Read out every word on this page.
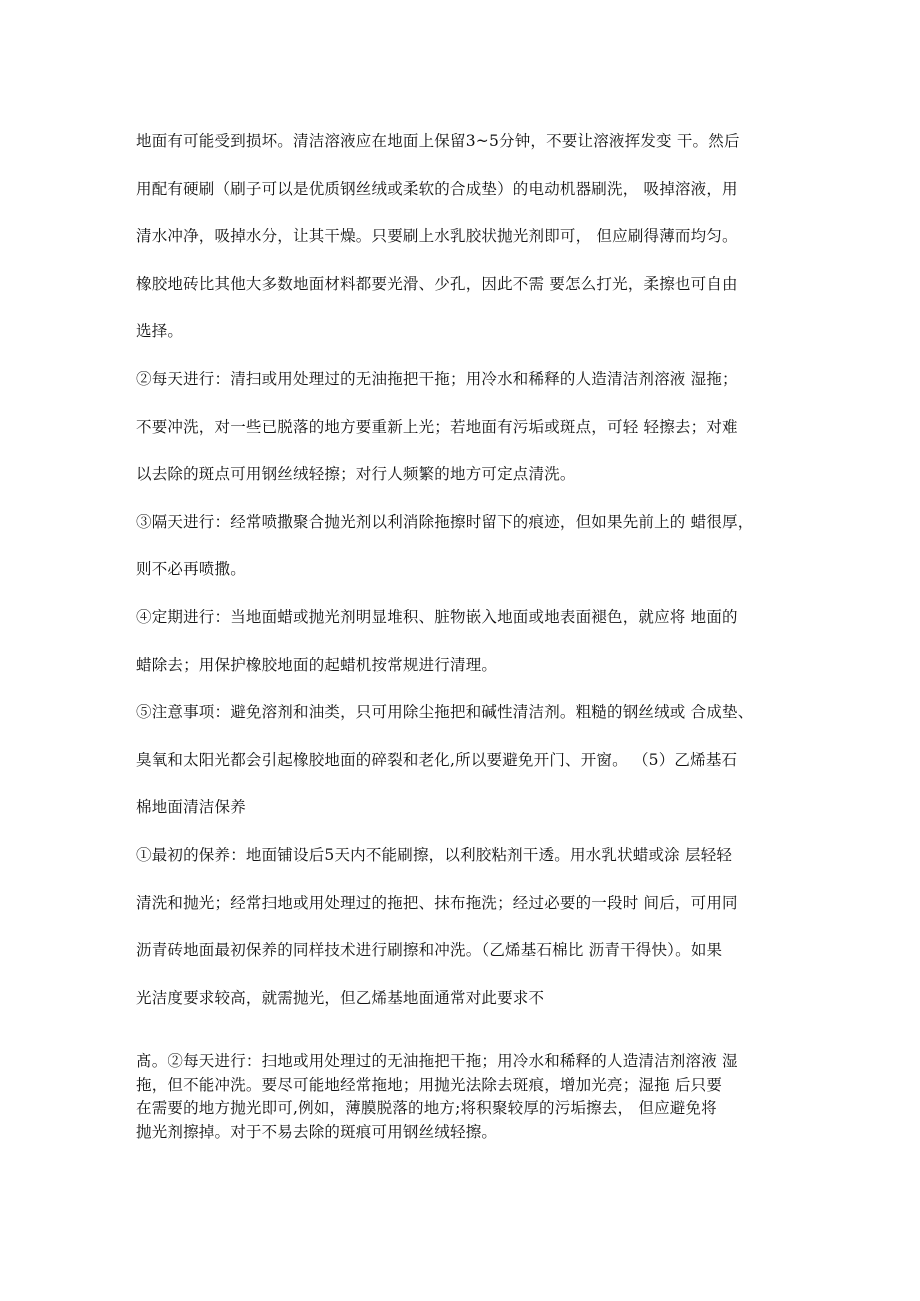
地面有可能受到损坏。清洁溶液应在地面上保留3~5分钟，不要让溶液挥发变 干。然后
用配有硬刷（刷子可以是优质钢丝绒或柔软的合成垫）的电动机器刷洗， 吸掉溶液，用
清水冲净，吸掉水分，让其干燥。只要刷上水乳胶状抛光剂即可， 但应刷得薄而均匀。
橡胶地砖比其他大多数地面材料都要光滑、少孔，因此不需 要怎么打光，柔擦也可自由
选择。
②每天进行：清扫或用处理过的无油拖把干拖；用冷水和稀释的人造清洁剂溶液 湿拖；
不要冲洗，对一些已脱落的地方要重新上光；若地面有污垢或斑点，可轻 轻擦去；对难
以去除的斑点可用钢丝绒轻擦；对行人频繁的地方可定点清洗。
③隔天进行：经常喷撒聚合抛光剂以利消除拖擦时留下的痕迹，但如果先前上的 蜡很厚，
则不必再喷撒。
④定期进行：当地面蜡或抛光剂明显堆积、脏物嵌入地面或地表面褪色，就应将 地面的
蜡除去；用保护橡胶地面的起蜡机按常规进行清理。
⑤注意事项：避免溶剂和油类，只可用除尘拖把和碱性清洁剂。粗糙的钢丝绒或 合成垫、
臭氧和太阳光都会引起橡胶地面的碎裂和老化,所以要避免开门、开窗。 （5）乙烯基石
棉地面清洁保养
①最初的保养：地面铺设后5天内不能刷擦，以利胶粘剂干透。用水乳状蜡或涂 层轻轻
清洗和抛光；经常扫地或用处理过的拖把、抹布拖洗；经过必要的一段时 间后，可用同
沥青砖地面最初保养的同样技术进行刷擦和冲洗。（乙烯基石棉比 沥青干得快）。如果
光洁度要求较高，就需抛光，但乙烯基地面通常对此要求不
髙。②每天进行：扫地或用处理过的无油拖把干拖；用冷水和稀释的人造清洁剂溶液 湿
拖，但不能冲洗。要尽可能地经常拖地；用抛光法除去斑痕，增加光亮；湿拖 后只要
在需要的地方抛光即可,例如，薄膜脱落的地方;将积聚较厚的污垢擦去， 但应避免将
抛光剂擦掉。对于不易去除的斑痕可用钢丝绒轻擦。
